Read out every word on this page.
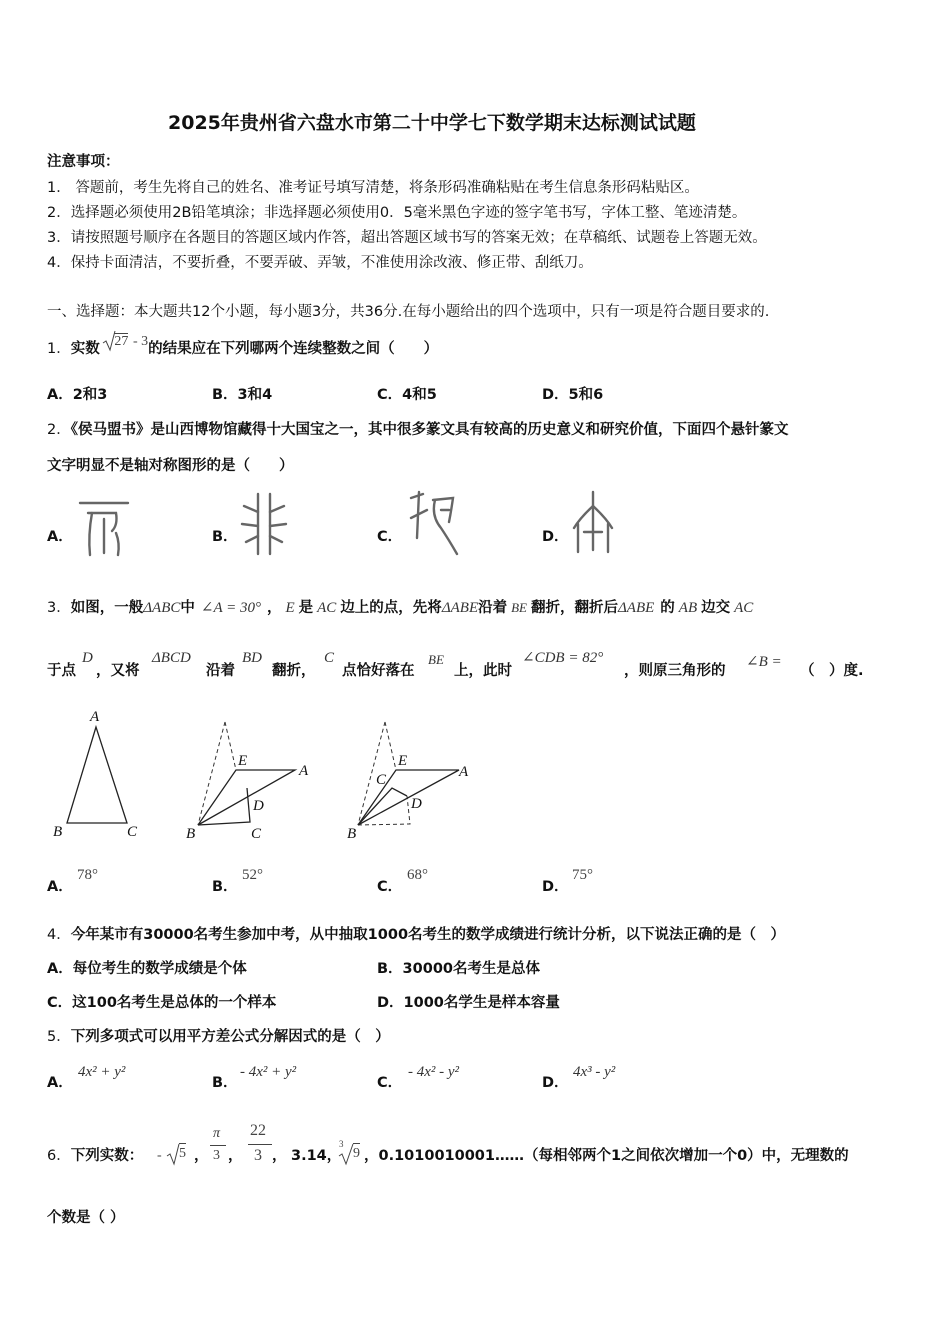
2025年贵州省六盘水市第二十中学七下数学期末达标测试试题
注意事项：
1． 答题前，考生先将自己的姓名、准考证号填写清楚，将条形码准确粘贴在考生信息条形码粘贴区。
2．选择题必须使用2B铅笔填涂；非选择题必须使用0．5毫米黑色字迹的签字笔书写，字体工整、笔迹清楚。
3．请按照题号顺序在各题目的答题区域内作答，超出答题区域书写的答案无效；在草稿纸、试题卷上答题无效。
4．保持卡面清洁，不要折叠，不要弄破、弄皱，不准使用涂改液、修正带、刮纸刀。
一、选择题：本大题共12个小题，每小题3分，共36分.在每小题给出的四个选项中，只有一项是符合题目要求的.
1．实数 27 - 3的结果应在下列哪两个连续整数之间（　　）
A．2和3	B．3和4	C．4和5	D．5和6
2．《侯马盟书》是山西博物馆藏得十大国宝之一，其中很多篆文具有较高的历史意义和研究价值，下面四个悬针篆文
文字明显不是轴对称图形的是（　　）
A．	B．	C．	D．
3．如图，一般ΔABC中 ∠A = 30° ， E 是 AC 边上的点，先将ΔABE沿着 BE 翻折，翻折后ΔABE 的 AB 边交 AC
于点
D
，又将
ΔBCD
沿着
BD
翻折，
C
点恰好落在
BE
上，此时
∠CDB = 82°
，则原三角形的
∠B =
（　）度.
A
B	C
E
A
D
B	C
E
A
C
D
B
A．
78°
B．
52°
C．
68°
D．
75°
4．今年某市有30000名考生参加中考，从中抽取1000名考生的数学成绩进行统计分析，以下说法正确的是（　）
A．每位考生的数学成绩是个体	B．30000名考生是总体
C．这100名考生是总体的一个样本	D．1000名学生是样本容量
5．下列多项式可以用平方差公式分解因式的是（　）
A．
4x² + y²
B．
- 4x² + y²
C．
- 4x² - y²
D．
4x³ - y²
6．下列实数： - 5 ，
π
3 ，
22
3 ， 3.14，
3
9 ，0.1010010001……（每相邻两个1之间依次增加一个0）中，无理数的
个数是（ ）
